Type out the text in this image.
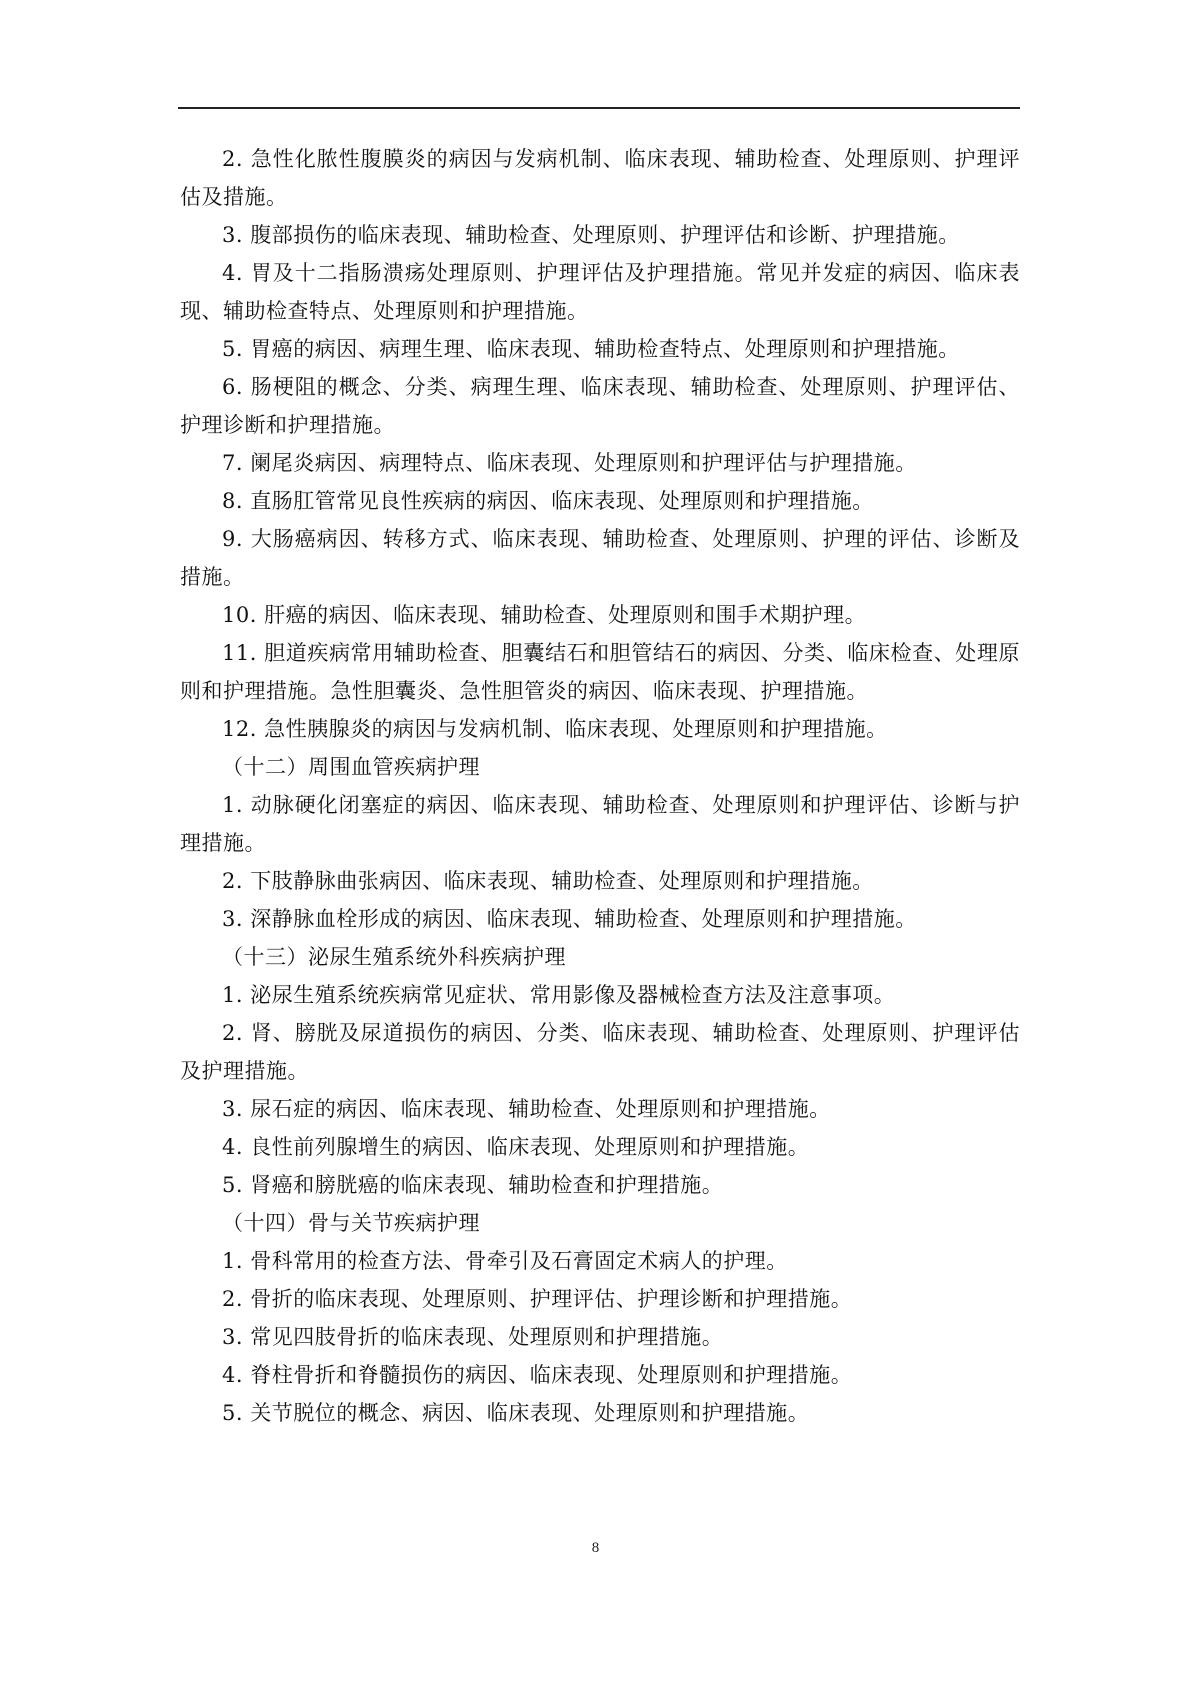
2. 急性化脓性腹膜炎的病因与发病机制、临床表现、辅助检查、处理原则、护理评估及措施。

3. 腹部损伤的临床表现、辅助检查、处理原则、护理评估和诊断、护理措施。

4. 胃及十二指肠溃疡处理原则、护理评估及护理措施。常见并发症的病因、临床表现、辅助检查特点、处理原则和护理措施。

5. 胃癌的病因、病理生理、临床表现、辅助检查特点、处理原则和护理措施。

6. 肠梗阻的概念、分类、病理生理、临床表现、辅助检查、处理原则、护理评估、护理诊断和护理措施。

7. 阑尾炎病因、病理特点、临床表现、处理原则和护理评估与护理措施。

8. 直肠肛管常见良性疾病的病因、临床表现、处理原则和护理措施。

9. 大肠癌病因、转移方式、临床表现、辅助检查、处理原则、护理的评估、诊断及措施。

10. 肝癌的病因、临床表现、辅助检查、处理原则和围手术期护理。

11. 胆道疾病常用辅助检查、胆囊结石和胆管结石的病因、分类、临床检查、处理原则和护理措施。急性胆囊炎、急性胆管炎的病因、临床表现、护理措施。

12. 急性胰腺炎的病因与发病机制、临床表现、处理原则和护理措施。

（十二）周围血管疾病护理

1. 动脉硬化闭塞症的病因、临床表现、辅助检查、处理原则和护理评估、诊断与护理措施。

2. 下肢静脉曲张病因、临床表现、辅助检查、处理原则和护理措施。

3. 深静脉血栓形成的病因、临床表现、辅助检查、处理原则和护理措施。

（十三）泌尿生殖系统外科疾病护理

1. 泌尿生殖系统疾病常见症状、常用影像及器械检查方法及注意事项。

2. 肾、膀胱及尿道损伤的病因、分类、临床表现、辅助检查、处理原则、护理评估及护理措施。

3. 尿石症的病因、临床表现、辅助检查、处理原则和护理措施。

4. 良性前列腺增生的病因、临床表现、处理原则和护理措施。

5. 肾癌和膀胱癌的临床表现、辅助检查和护理措施。

（十四）骨与关节疾病护理

1. 骨科常用的检查方法、骨牵引及石膏固定术病人的护理。

2. 骨折的临床表现、处理原则、护理评估、护理诊断和护理措施。

3. 常见四肢骨折的临床表现、处理原则和护理措施。

4. 脊柱骨折和脊髓损伤的病因、临床表现、处理原则和护理措施。

5. 关节脱位的概念、病因、临床表现、处理原则和护理措施。

8
